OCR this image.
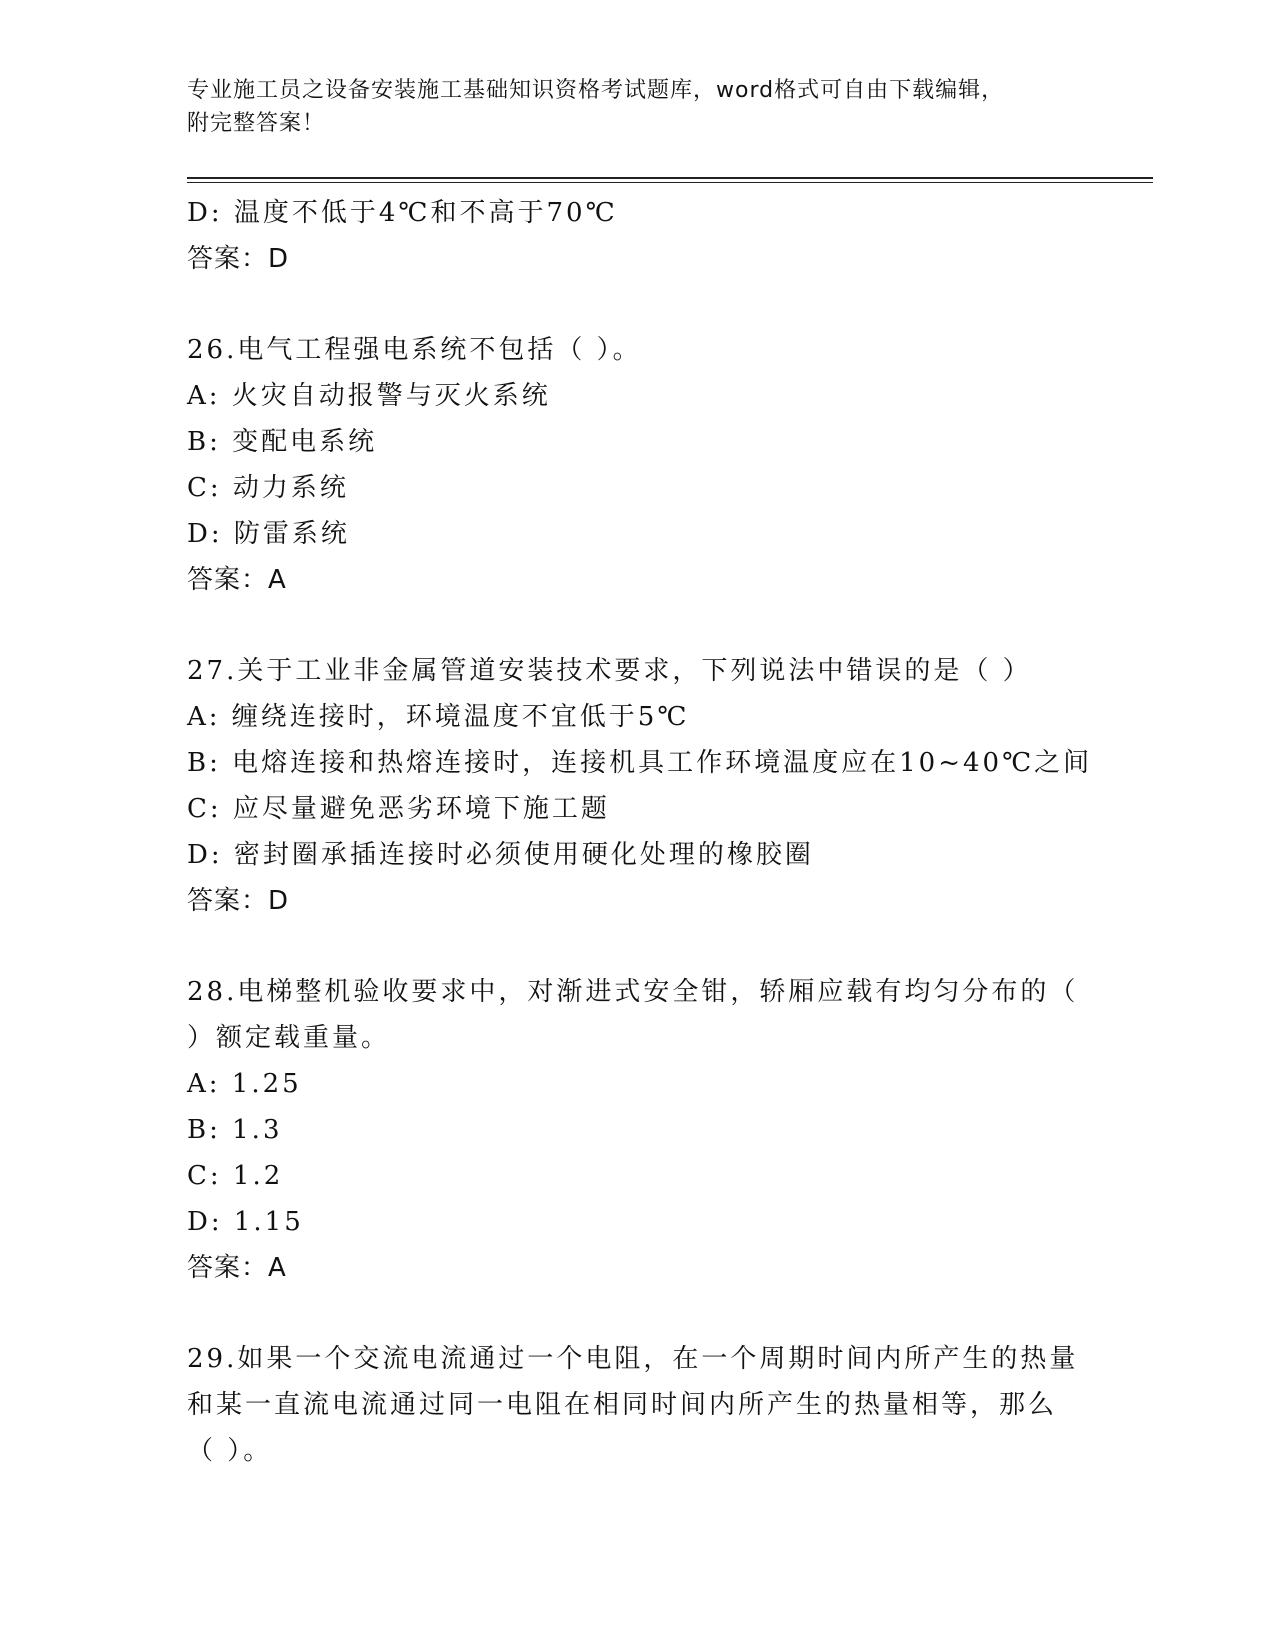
专业施工员之设备安装施工基础知识资格考试题库，word格式可自由下载编辑，
附完整答案！
D: 温度不低于4℃和不高于70℃
答案：D
26.电气工程强电系统不包括（ ）。
A: 火灾自动报警与灭火系统
B: 变配电系统
C: 动力系统
D: 防雷系统
答案：A
27.关于工业非金属管道安装技术要求，下列说法中错误的是（ ）
A: 缠绕连接时，环境温度不宜低于5℃
B: 电熔连接和热熔连接时，连接机具工作环境温度应在10~40℃之间
C: 应尽量避免恶劣环境下施工题
D: 密封圈承插连接时必须使用硬化处理的橡胶圈
答案：D
28.电梯整机验收要求中，对渐进式安全钳，轿厢应载有均匀分布的（
）额定载重量。
A: 1.25
B: 1.3
C: 1.2
D: 1.15
答案：A
29.如果一个交流电流通过一个电阻，在一个周期时间内所产生的热量
和某一直流电流通过同一电阻在相同时间内所产生的热量相等，那么
（ ）。
